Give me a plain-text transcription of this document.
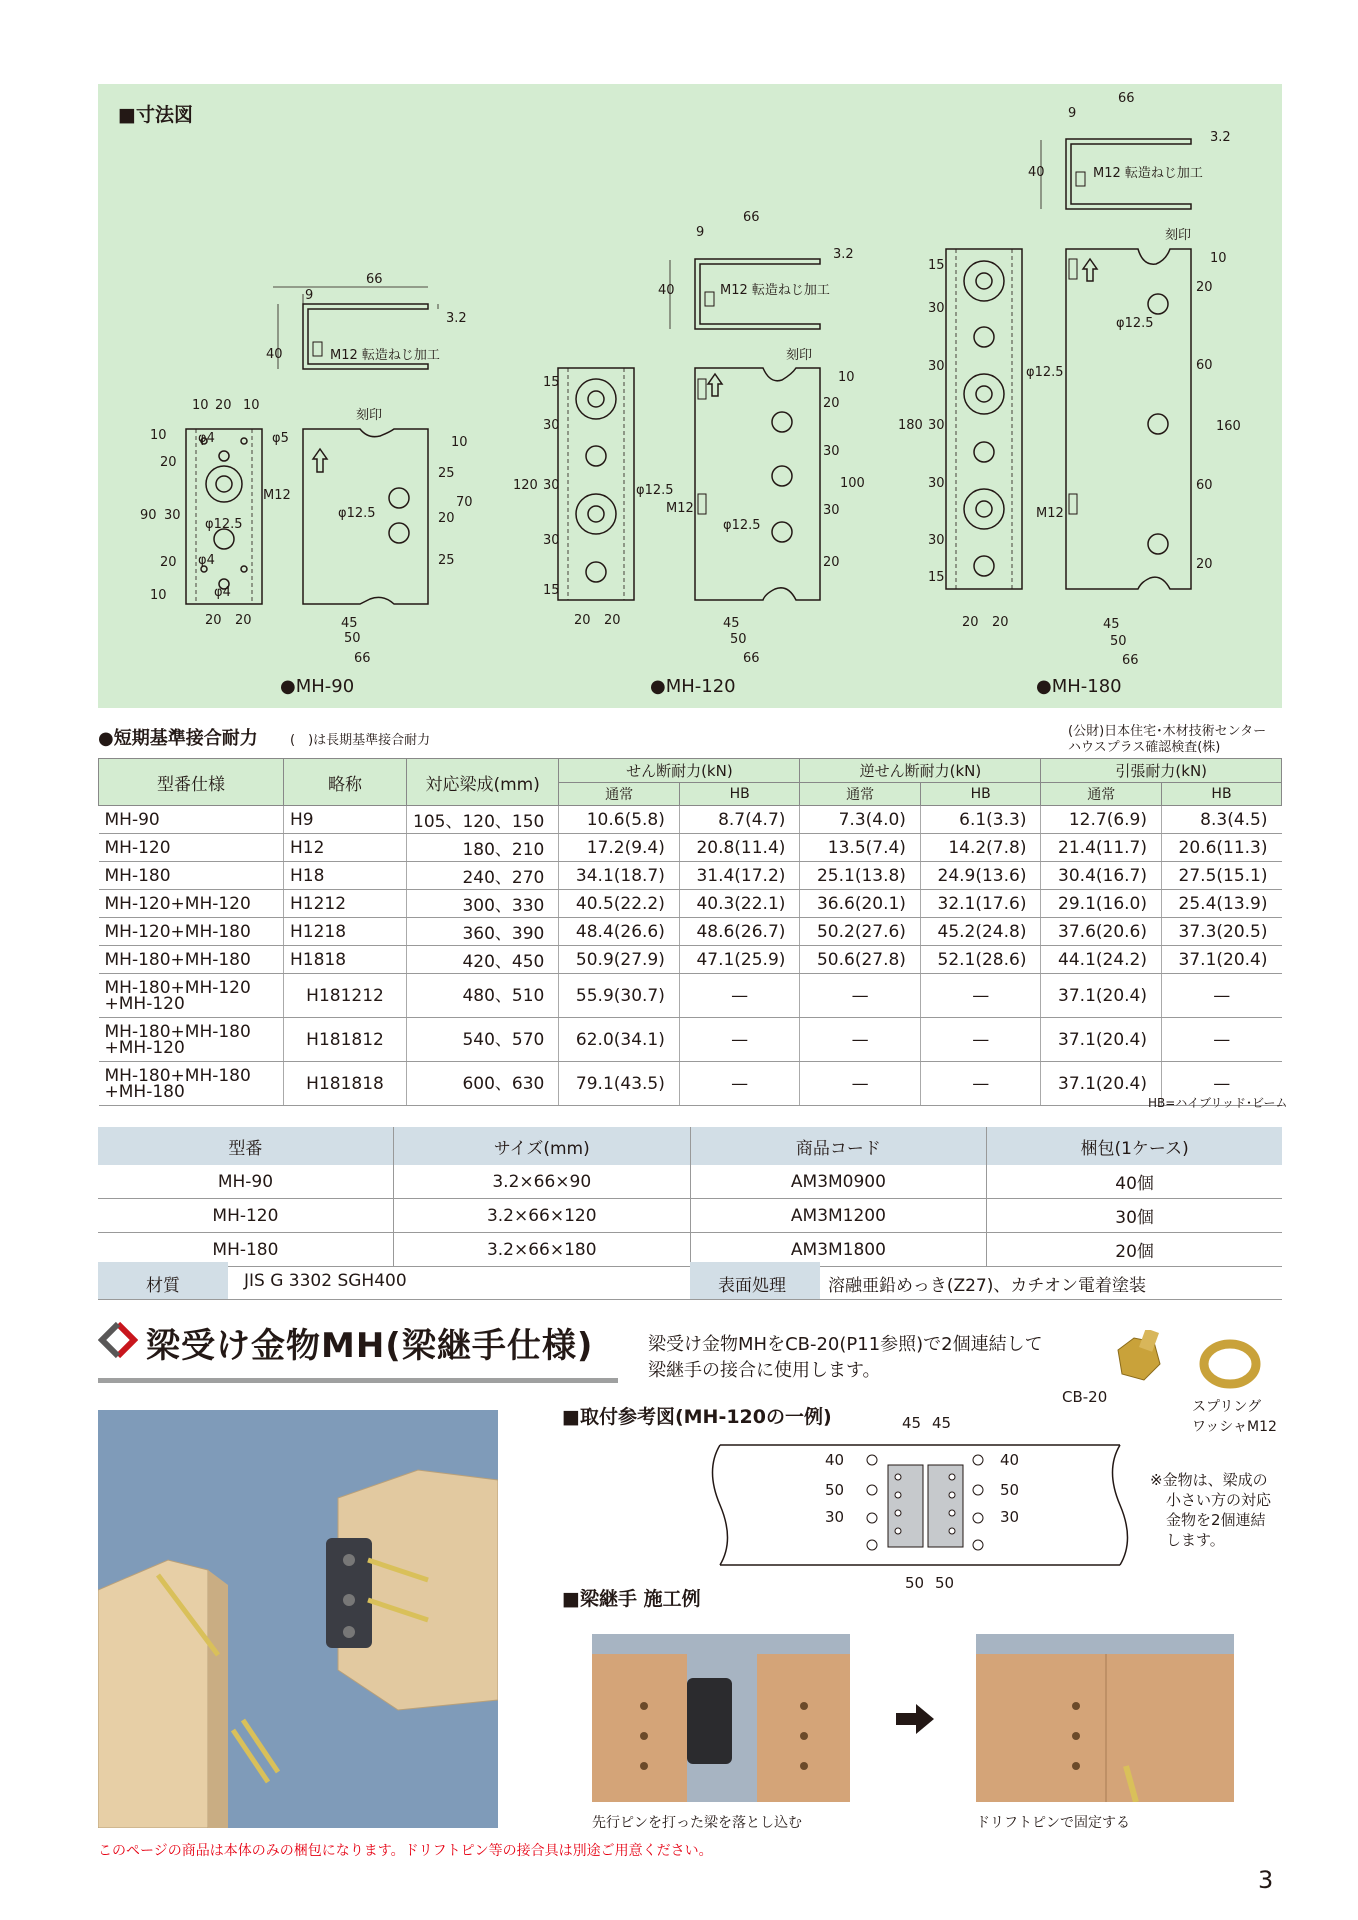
■寸法図
66
9
3.2
40	M12 転造ねじ加工
10 20 10
10
20
90 30
20
10
φ4	φ5
φ12.5
φ4
φ4
20 20
刻印
M12
φ12.5
10
25
70
20
25
45
50
66
66
9
3.2
40	M12 転造ねじ加工
15
30
120 30
30
15
φ12.5
20 20
刻印
M12
φ12.5
10
20
30
100
30
20
45
50
66
66
9
3.2
40	M12 転造ねじ加工
15
30
30
180 30
30
30
15
φ12.5
20 20
刻印
M12
φ12.5
10
20
60
160
60
20
45
50
66
●MH-90	●MH-120	●MH-180
●短期基準接合耐力 (　)は長期基準接合耐力
(公財)日本住宅･木材技術センター
ハウスプラス確認検査(株)
型番仕様	略称	対応梁成(mm)	せん断耐力(kN)		逆せん断耐力(kN)		引張耐力(kN)	
			通常	HB	通常	HB	通常	HB

MH-90	H9	105、120、150	10.6(5.8)	8.7(4.7)	7.3(4.0)	6.1(3.3)	12.7(6.9)	8.3(4.5)

MH-120	H12	180、210	17.2(9.4)	20.8(11.4)	13.5(7.4)	14.2(7.8)	21.4(11.7)	20.6(11.3)

MH-180	H18	240、270	34.1(18.7)	31.4(17.2)	25.1(13.8)	24.9(13.6)	30.4(16.7)	27.5(15.1)

MH-120+MH-120	H1212	300、330	40.5(22.2)	40.3(22.1)	36.6(20.1)	32.1(17.6)	29.1(16.0)	25.4(13.9)

MH-120+MH-180	H1218	360、390	48.4(26.6)	48.6(26.7)	50.2(27.6)	45.2(24.8)	37.6(20.6)	37.3(20.5)

MH-180+MH-180	H1818	420、450	50.9(27.9)	47.1(25.9)	50.6(27.8)	52.1(28.6)	44.1(24.2)	37.1(20.4)

MH-180+MH-120
+MH-120	H181212	480、510	55.9(30.7)	—	—	—	37.1(20.4)	—

MH-180+MH-180
+MH-120	H181812	540、570	62.0(34.1)	—	—	—	37.1(20.4)	—

MH-180+MH-180
+MH-180	H181818	600、630	79.1(43.5)	—	—	—	37.1(20.4)	—
HB=ハイブリッド･ビーム
型番	サイズ(mm)	商品コード	梱包(1ケース)
MH-90	3.2×66×90	AM3M0900	40個
MH-120	3.2×66×120	AM3M1200	30個
MH-180	3.2×66×180	AM3M1800	20個
材質	JIS G 3302 SGH400	表面処理 溶融亜鉛めっき(Z27)、カチオン電着塗装
梁受け金物MH(梁継手仕様)	梁受け金物MHをCB-20(P11参照)で2個連結して
梁継手の接合に使用します。
CB-20
スプリング
ワッシャM12
■取付参考図(MH-120の一例)	45 45
40
50
30
40
50
30
50 50
※金物は、梁成の
小さい方の対応
金物を2個連結
します。
■梁継手 施工例
先行ピンを打った梁を落とし込む	ドリフトピンで固定する
このページの商品は本体のみの梱包になります。ドリフトピン等の接合具は別途ご用意ください。
3
